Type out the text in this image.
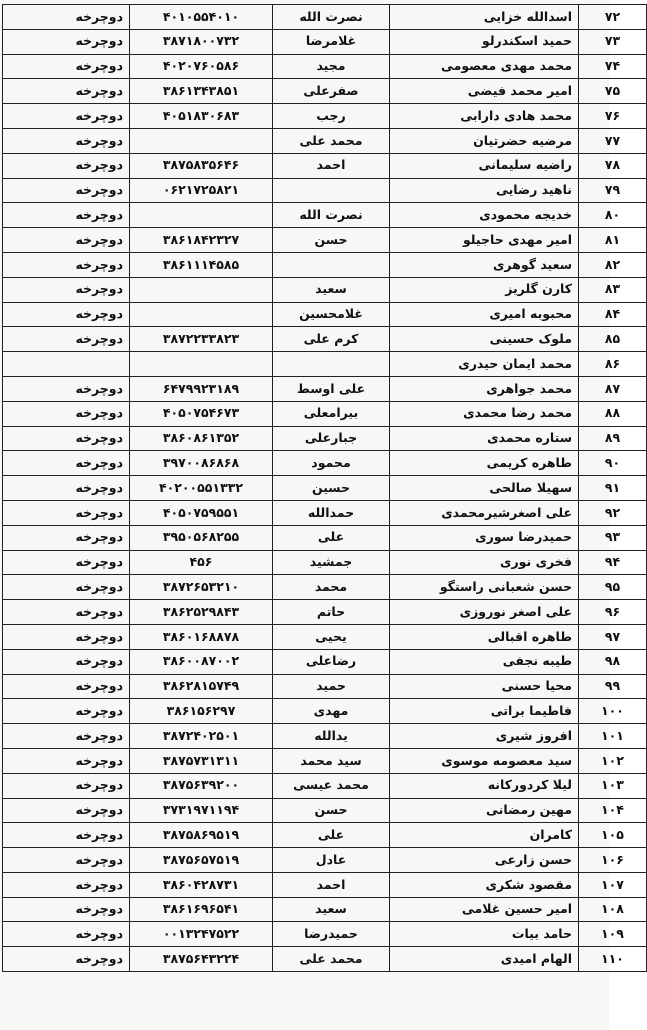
۷۲	اسدالله خزایی	نصرت الله	۴۰۱۰۵۵۴۰۱۰	دوچرخه
۷۳	حمید اسکندرلو	غلامرضا	۳۸۷۱۸۰۰۷۳۲	دوچرخه
۷۴	محمد مهدی معصومی	مجید	۴۰۲۰۷۶۰۵۸۶	دوچرخه
۷۵	امیر محمد فیضی	صفرعلی	۳۸۶۱۳۴۳۸۵۱	دوچرخه
۷۶	محمد هادی دارابی	رجب	۴۰۵۱۸۳۰۶۸۳	دوچرخه
۷۷	مرضیه حضرتیان	محمد علی		دوچرخه
۷۸	راضیه سلیمانی	احمد	۳۸۷۵۸۳۵۶۴۶	دوچرخه
۷۹	ناهید رضایی		۰۶۲۱۷۲۵۸۲۱	دوچرخه
۸۰	خدیجه محمودی	نصرت الله		دوچرخه
۸۱	امیر مهدی حاجیلو	حسن	۳۸۶۱۸۴۲۳۲۷	دوچرخه
۸۲	سعید گوهری		۳۸۶۱۱۱۴۵۸۵	دوچرخه
۸۳	کارن گلریز	سعید		دوچرخه
۸۴	محبوبه امیری	غلامحسین		دوچرخه
۸۵	ملوک حسینی	کرم علی	۳۸۷۲۲۳۳۸۲۳	دوچرخه
۸۶	محمد ایمان حیدری			
۸۷	محمد جواهری	علی اوسط	۶۴۷۹۹۲۳۱۸۹	دوچرخه
۸۸	محمد رضا محمدی	بیرامعلی	۴۰۵۰۷۵۴۶۷۳	دوچرخه
۸۹	ستاره محمدی	جبارعلی	۳۸۶۰۸۶۱۳۵۲	دوچرخه
۹۰	طاهره کریمی	محمود	۳۹۷۰۰۸۶۸۶۸	دوچرخه
۹۱	سهیلا صالحی	حسین	۴۰۲۰۰۵۵۱۳۳۲	دوچرخه
۹۲	علی اصغرشیرمحمدی	حمدالله	۴۰۵۰۷۵۹۵۵۱	دوچرخه
۹۳	حمیدرضا سوری	علی	۳۹۵۰۵۶۸۲۵۵	دوچرخه
۹۴	فخری نوری	جمشید	۴۵۶	دوچرخه
۹۵	حسن شعبانی راستگو	محمد	۳۸۷۲۶۵۳۲۱۰	دوچرخه
۹۶	علی اصغر نوروزی	حاتم	۳۸۶۲۵۲۹۸۴۳	دوچرخه
۹۷	طاهره اقبالی	یحیی	۳۸۶۰۱۶۸۸۷۸	دوچرخه
۹۸	طیبه نجفی	رضاعلی	۳۸۶۰۰۸۷۰۰۲	دوچرخه
۹۹	محیا حسنی	حمید	۳۸۶۲۸۱۵۷۴۹	دوچرخه
۱۰۰	فاطیما براتی	مهدی	۳۸۶۱۵۶۲۹۷	دوچرخه
۱۰۱	افروز شیری	یدالله	۳۸۷۲۴۰۲۵۰۱	دوچرخه
۱۰۲	سید معصومه موسوی	سید محمد	۳۸۷۵۷۳۱۳۱۱	دوچرخه
۱۰۳	لیلا کردورکانه	محمد عیسی	۳۸۷۵۶۳۹۲۰۰	دوچرخه
۱۰۴	مهین رمضانی	حسن	۳۷۳۱۹۷۱۱۹۴	دوچرخه
۱۰۵	کامران	علی	۳۸۷۵۸۶۹۵۱۹	دوچرخه
۱۰۶	حسن زارعی	عادل	۳۸۷۵۶۵۷۵۱۹	دوچرخه
۱۰۷	مقصود شکری	احمد	۳۸۶۰۴۲۸۷۳۱	دوچرخه
۱۰۸	امیر حسین غلامی	سعید	۳۸۶۱۶۹۶۵۴۱	دوچرخه
۱۰۹	حامد بیات	حمیدرضا	۰۰۱۳۲۴۷۵۲۲	دوچرخه
۱۱۰	الهام امیدی	محمد علی	۳۸۷۵۶۴۳۲۲۴	دوچرخه
